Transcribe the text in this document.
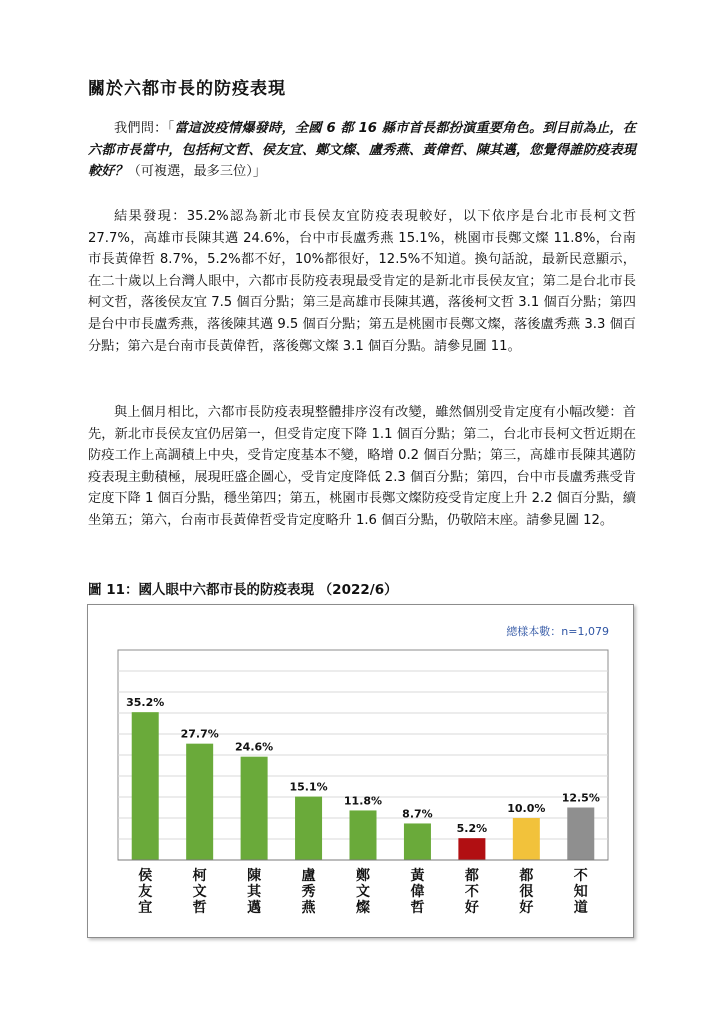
關於六都市長的防疫表現

我們問：「當這波疫情爆發時，全國 6 都 16 縣市首長都扮演重要角色。到目前為止，在六都市長當中，包括柯文哲、侯友宜、鄭文燦、盧秀燕、黃偉哲、陳其邁，您覺得誰防疫表現較好？（可複選，最多三位）」

結果發現：35.2%認為新北市長侯友宜防疫表現較好，以下依序是台北市長柯文哲 27.7%，高雄市長陳其邁 24.6%，台中市長盧秀燕 15.1%，桃園市長鄭文燦 11.8%，台南市長黃偉哲 8.7%，5.2%都不好，10%都很好，12.5%不知道。換句話說，最新民意顯示，在二十歲以上台灣人眼中，六都市長防疫表現最受肯定的是新北市長侯友宜；第二是台北市長柯文哲，落後侯友宜 7.5 個百分點；第三是高雄市長陳其邁，落後柯文哲 3.1 個百分點；第四是台中市長盧秀燕，落後陳其邁 9.5 個百分點；第五是桃園市長鄭文燦，落後盧秀燕 3.3 個百分點；第六是台南市長黃偉哲，落後鄭文燦 3.1 個百分點。請參見圖 11。

與上個月相比，六都市長防疫表現整體排序沒有改變，雖然個別受肯定度有小幅改變：首先，新北市長侯友宜仍居第一，但受肯定度下降 1.1 個百分點；第二，台北市長柯文哲近期在防疫工作上高調積上中央，受肯定度基本不變，略增 0.2 個百分點；第三，高雄市長陳其邁防疫表現主動積極，展現旺盛企圖心，受肯定度降低 2.3 個百分點；第四，台中市長盧秀燕受肯定度下降 1 個百分點，穩坐第四；第五，桃園市長鄭文燦防疫受肯定度上升 2.2 個百分點，續坐第五；第六，台南市長黃偉哲受肯定度略升 1.6 個百分點，仍敬陪末座。請參見圖 12。

圖 11：國人眼中六都市長的防疫表現 （2022/6）
總樣本數：n=1,079
35.2%
侯
友
宜
27.7%
柯
文
哲
24.6%
陳
其
邁
15.1%
盧
秀
燕
11.8%
鄭
文
燦
8.7%
黃
偉
哲
5.2%
都
不
好
10.0%
都
很
好
12.5%
不
知
道
